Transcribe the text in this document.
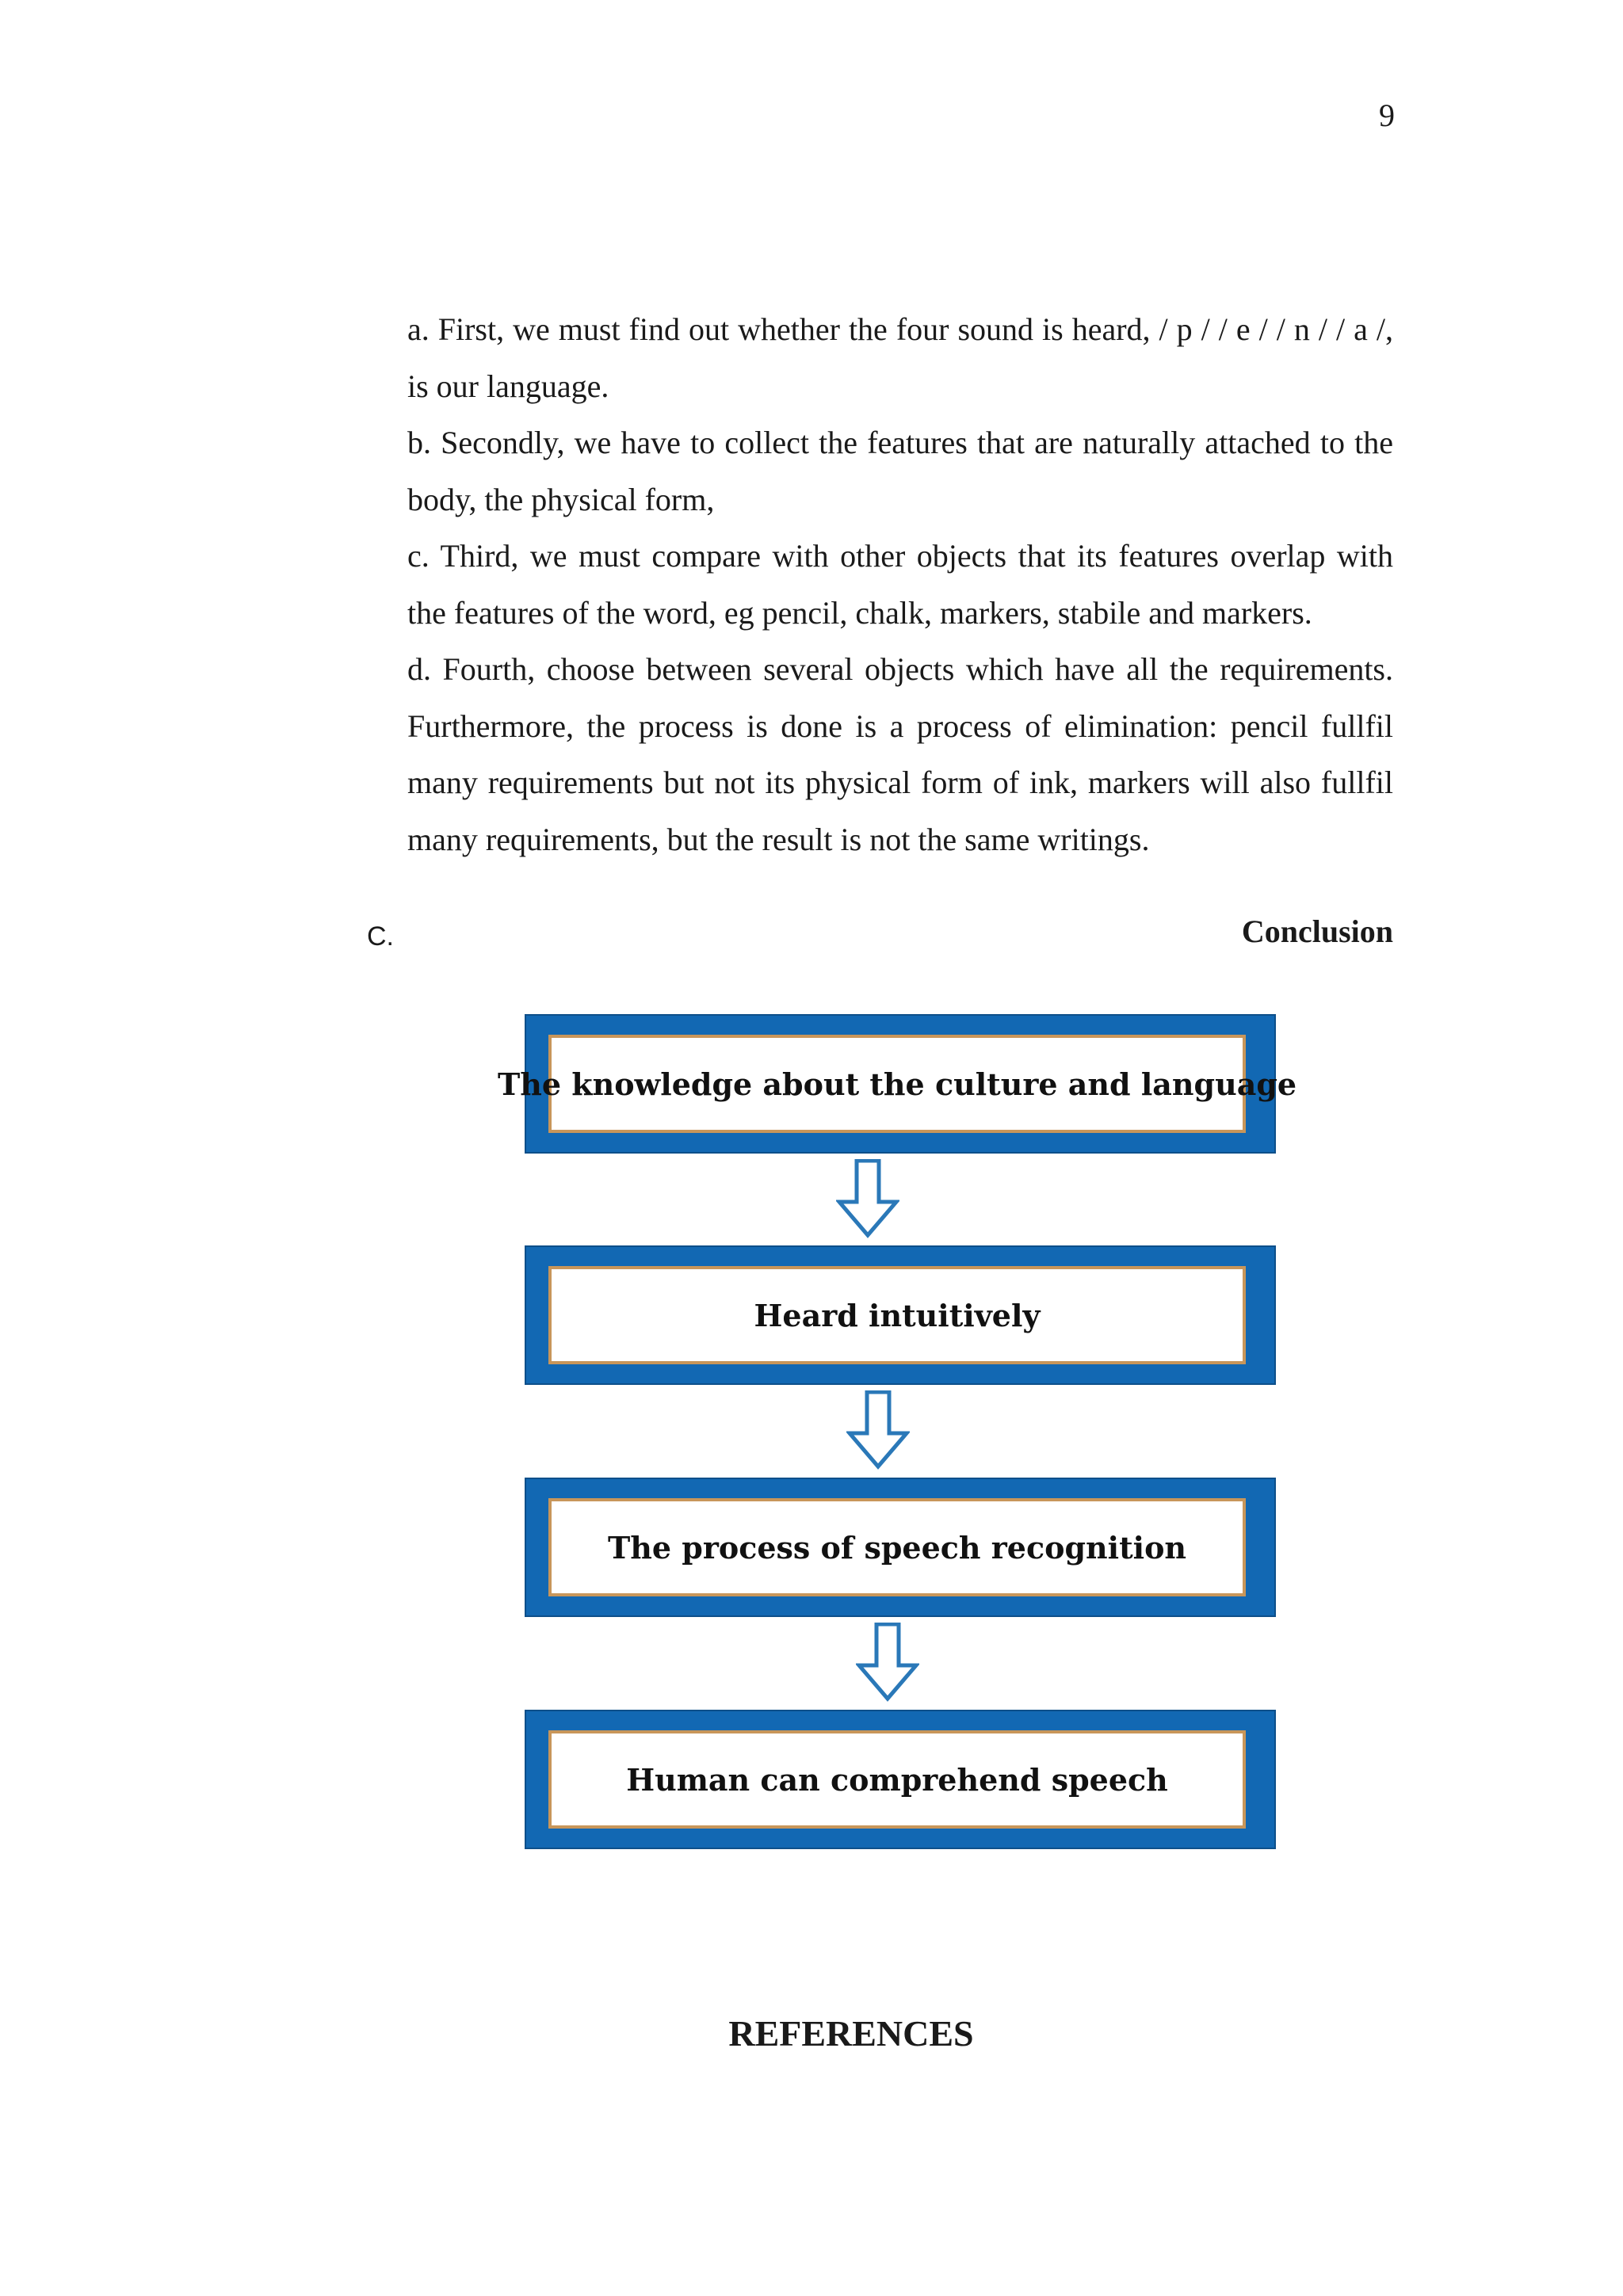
9

a. First, we must find out whether the four sound is heard, / p / / e / / n / / a /, is our language.

b. Secondly, we have to collect the features that are naturally attached to the body, the physical form,

c. Third, we must compare with other objects that its features overlap with the features of the word, eg pencil, chalk, markers, stabile and markers.

d. Fourth, choose between several objects which have all the requirements. Furthermore, the process is done is a process of elimination: pencil fullfil many requirements but not its physical form of ink, markers will also fullfil many requirements, but the result is not the same writings.

C.	Conclusion
The knowledge about the culture and language
Heard intuitively
The process of speech recognition
Human can comprehend speech
REFERENCES
